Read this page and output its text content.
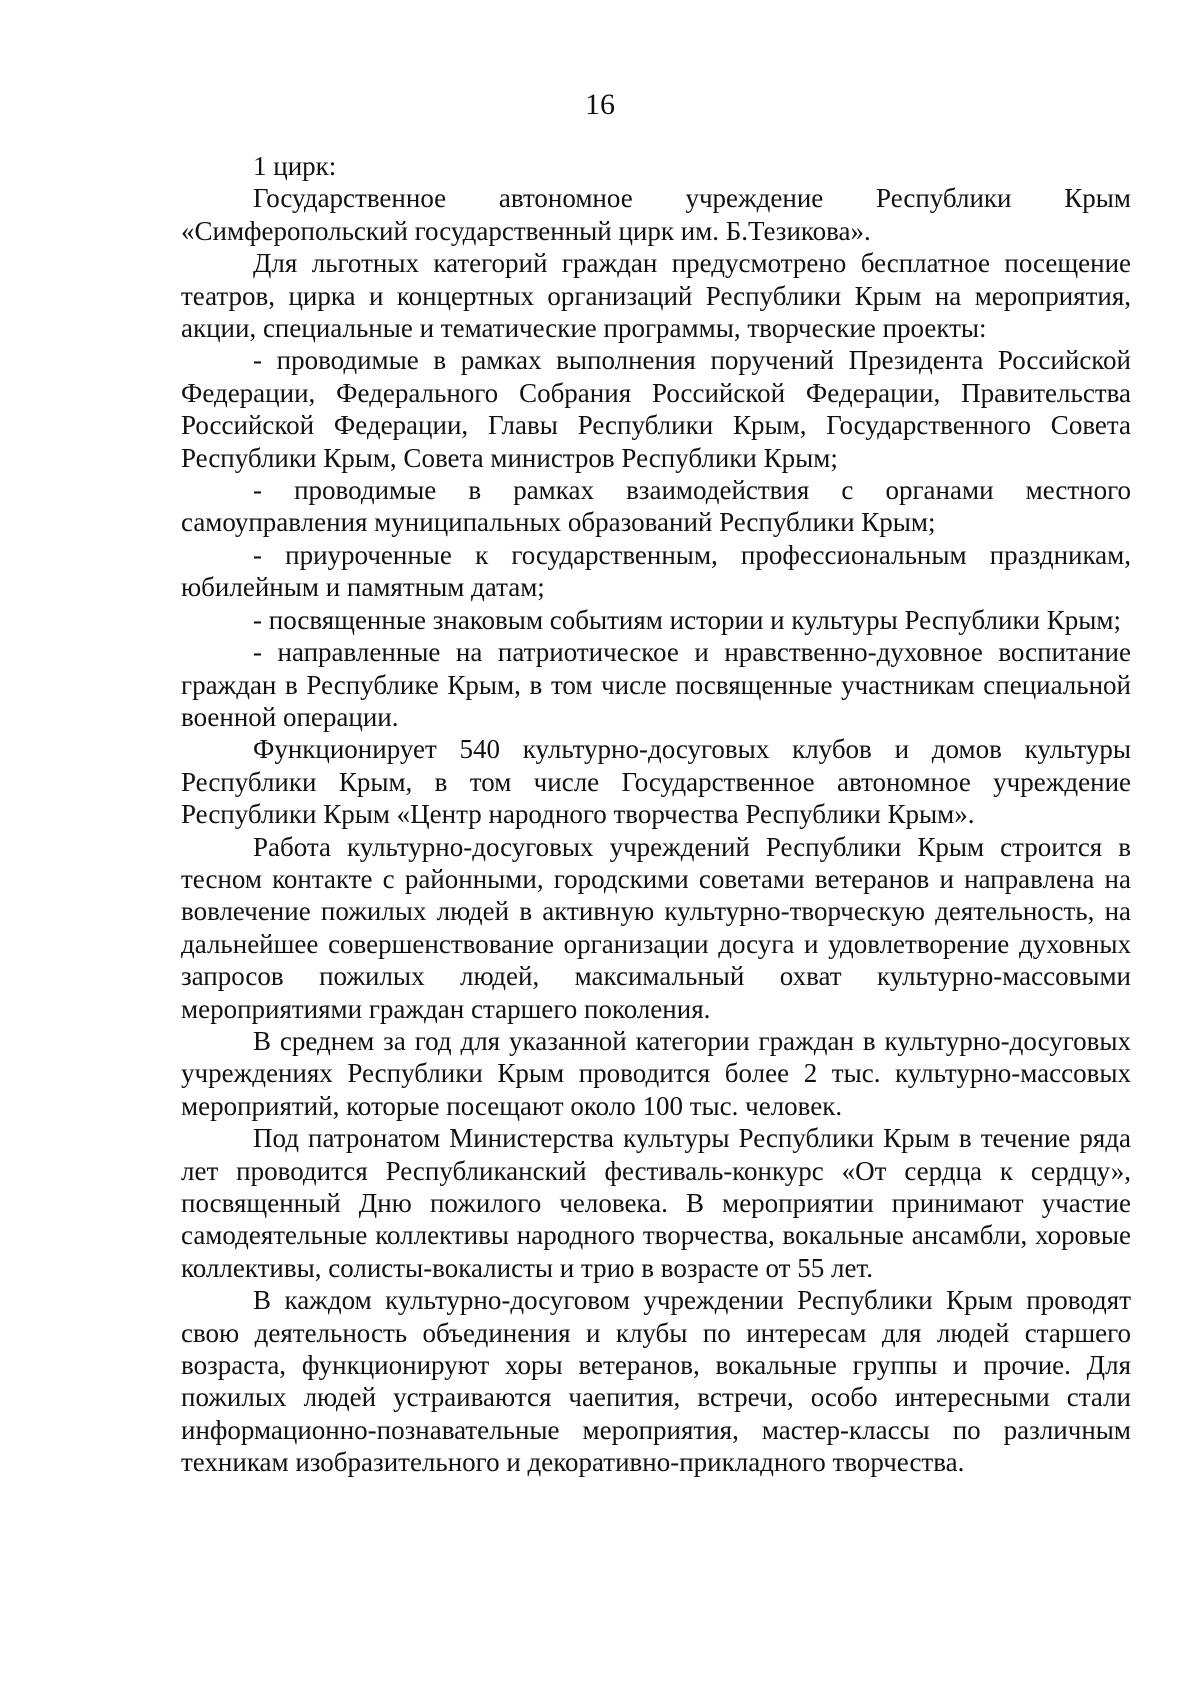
16

1 цирк:

Государственное автономное учреждение Республики Крым «Симферопольский государственный цирк им. Б.Тезикова».

Для льготных категорий граждан предусмотрено бесплатное посещение театров, цирка и концертных организаций Республики Крым на мероприятия, акции, специальные и тематические программы, творческие проекты:

- проводимые в рамках выполнения поручений Президента Российской Федерации, Федерального Собрания Российской Федерации, Правительства Российской Федерации, Главы Республики Крым, Государственного Совета Республики Крым, Совета министров Республики Крым;

- проводимые в рамках взаимодействия с органами местного самоуправления муниципальных образований Республики Крым;

- приуроченные к государственным, профессиональным праздникам, юбилейным и памятным датам;

- посвященные знаковым событиям истории и культуры Республики Крым;

- направленные на патриотическое и нравственно-духовное воспитание граждан в Республике Крым, в том числе посвященные участникам специальной военной операции.

Функционирует 540 культурно-досуговых клубов и домов культуры Республики Крым, в том числе Государственное автономное учреждение Республики Крым «Центр народного творчества Республики Крым».

Работа культурно-досуговых учреждений Республики Крым строится в тесном контакте с районными, городскими советами ветеранов и направлена на вовлечение пожилых людей в активную культурно-творческую деятельность, на дальнейшее совершенствование организации досуга и удовлетворение духовных запросов пожилых людей, максимальный охват культурно-массовыми мероприятиями граждан старшего поколения.

В среднем за год для указанной категории граждан в культурно-досуговых учреждениях Республики Крым проводится более 2 тыс. культурно-массовых мероприятий, которые посещают около 100 тыс. человек.

Под патронатом Министерства культуры Республики Крым в течение ряда лет проводится Республиканский фестиваль-конкурс «От сердца к сердцу», посвященный Дню пожилого человека. В мероприятии принимают участие самодеятельные коллективы народного творчества, вокальные ансамбли, хоровые коллективы, солисты-вокалисты и трио в возрасте от 55 лет.

В каждом культурно-досуговом учреждении Республики Крым проводят свою деятельность объединения и клубы по интересам для людей старшего возраста, функционируют хоры ветеранов, вокальные группы и прочие. Для пожилых людей устраиваются чаепития, встречи, особо интересными стали информационно-познавательные мероприятия, мастер-классы по различным техникам изобразительного и декоративно-прикладного творчества.
